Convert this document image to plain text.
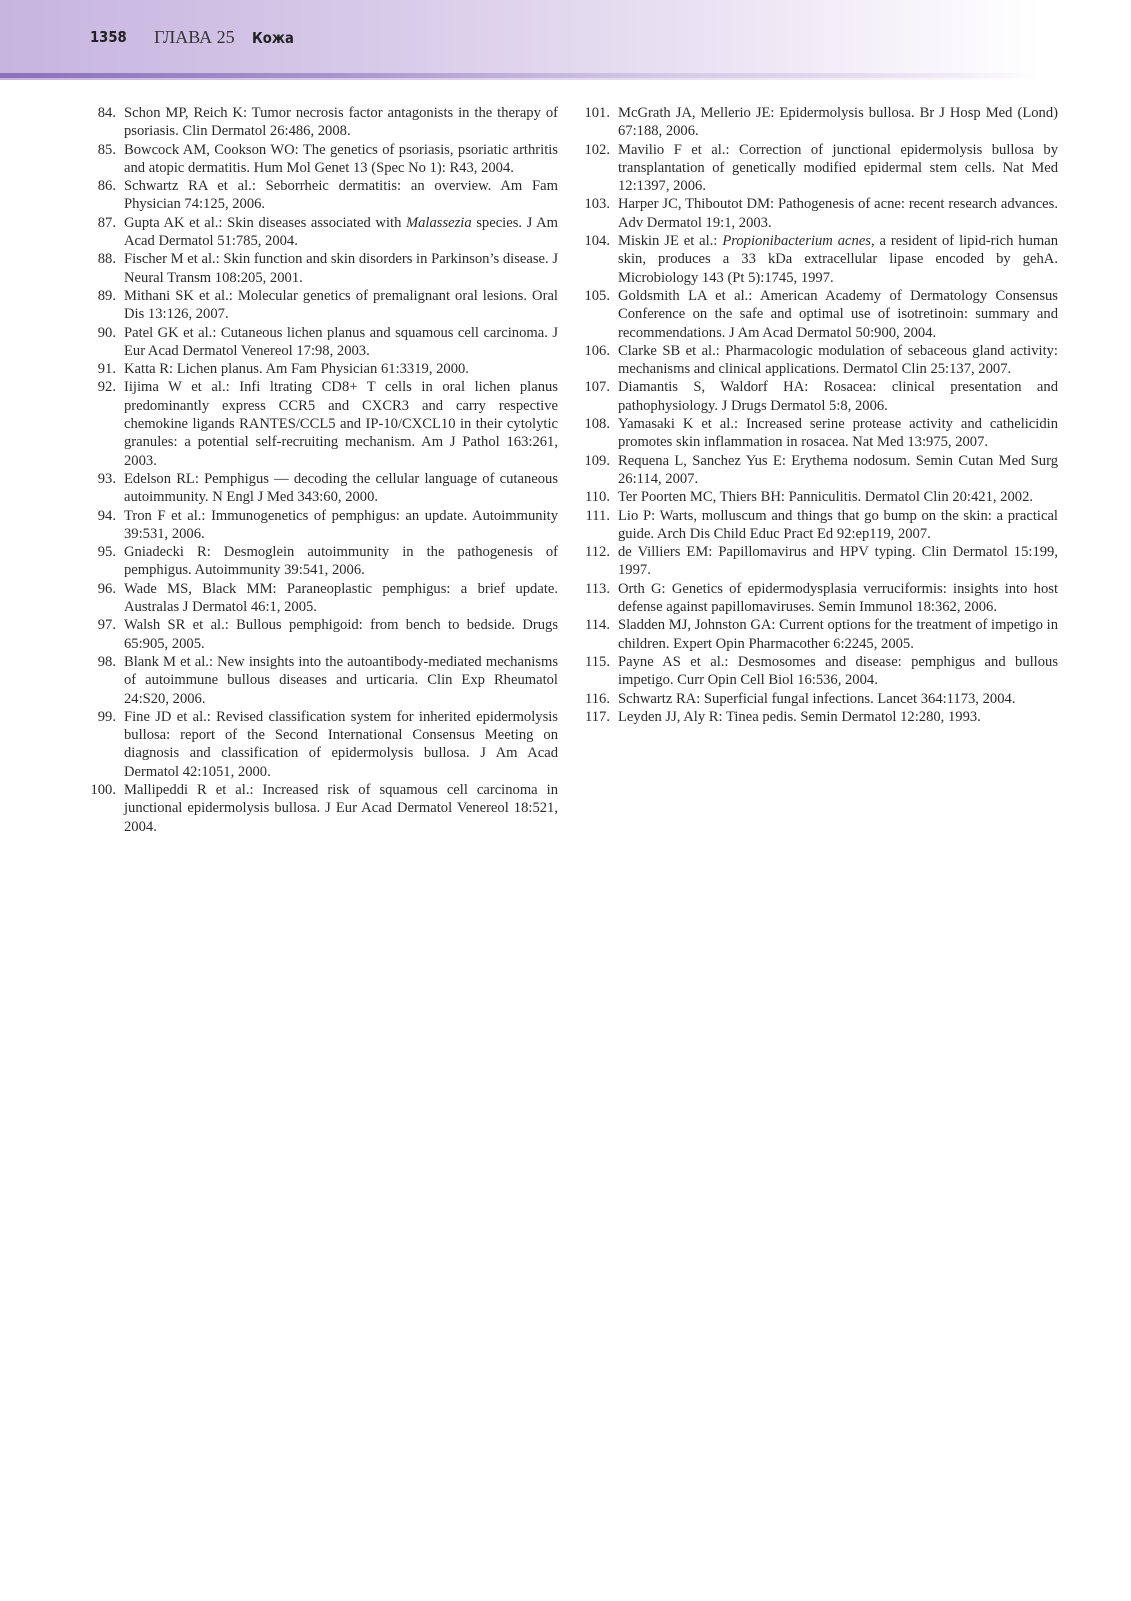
1358 ГЛАВА 25 Кожа
84. Schon MP, Reich K: Tumor necrosis factor antagonists in the therapy of psoriasis. Clin Dermatol 26:486, 2008.
85. Bowcock AM, Cookson WO: The genetics of psoriasis, psoriatic arthritis and atopic dermatitis. Hum Mol Genet 13 (Spec No 1): R43, 2004.
86. Schwartz RA et al.: Seborrheic dermatitis: an overview. Am Fam Physician 74:125, 2006.
87. Gupta AK et al.: Skin diseases associated with Malassezia species. J Am Acad Dermatol 51:785, 2004.
88. Fischer M et al.: Skin function and skin disorders in Parkinson’s disease. J Neural Transm 108:205, 2001.
89. Mithani SK et al.: Molecular genetics of premalignant oral lesions. Oral Dis 13:126, 2007.
90. Patel GK et al.: Cutaneous lichen planus and squamous cell carcinoma. J Eur Acad Dermatol Venereol 17:98, 2003.
91. Katta R: Lichen planus. Am Fam Physician 61:3319, 2000.
92. Iijima W et al.: Infi ltrating CD8+ T cells in oral lichen planus predominantly express CCR5 and CXCR3 and carry respective chemokine ligands RANTES/CCL5 and IP-10/CXCL10 in their cytolytic granules: a potential self-recruiting mechanism. Am J Pathol 163:261, 2003.
93. Edelson RL: Pemphigus — decoding the cellular language of cutaneous autoimmunity. N Engl J Med 343:60, 2000.
94. Tron F et al.: Immunogenetics of pemphigus: an update. Autoimmunity 39:531, 2006.
95. Gniadecki R: Desmoglein autoimmunity in the pathogenesis of pemphigus. Autoimmunity 39:541, 2006.
96. Wade MS, Black MM: Paraneoplastic pemphigus: a brief update. Australas J Dermatol 46:1, 2005.
97. Walsh SR et al.: Bullous pemphigoid: from bench to bedside. Drugs 65:905, 2005.
98. Blank M et al.: New insights into the autoantibody-mediated mechanisms of autoimmune bullous diseases and urticaria. Clin Exp Rheumatol 24:S20, 2006.
99. Fine JD et al.: Revised classification system for inherited epidermolysis bullosa: report of the Second International Consensus Meeting on diagnosis and classification of epidermolysis bullosa. J Am Acad Dermatol 42:1051, 2000.
100. Mallipeddi R et al.: Increased risk of squamous cell carcinoma in junctional epidermolysis bullosa. J Eur Acad Dermatol Venereol 18:521, 2004.
101. McGrath JA, Mellerio JE: Epidermolysis bullosa. Br J Hosp Med (Lond) 67:188, 2006.
102. Mavilio F et al.: Correction of junctional epidermolysis bullosa by transplantation of genetically modified epidermal stem cells. Nat Med 12:1397, 2006.
103. Harper JC, Thiboutot DM: Pathogenesis of acne: recent research advances. Adv Dermatol 19:1, 2003.
104. Miskin JE et al.: Propionibacterium acnes, a resident of lipid-rich human skin, produces a 33 kDa extracellular lipase encoded by gehA. Microbiology 143 (Pt 5):1745, 1997.
105. Goldsmith LA et al.: American Academy of Dermatology Consensus Conference on the safe and optimal use of isotretinoin: summary and recommendations. J Am Acad Dermatol 50:900, 2004.
106. Clarke SB et al.: Pharmacologic modulation of sebaceous gland activity: mechanisms and clinical applications. Dermatol Clin 25:137, 2007.
107. Diamantis S, Waldorf HA: Rosacea: clinical presentation and pathophysiology. J Drugs Dermatol 5:8, 2006.
108. Yamasaki K et al.: Increased serine protease activity and cathelicidin promotes skin inflammation in rosacea. Nat Med 13:975, 2007.
109. Requena L, Sanchez Yus E: Erythema nodosum. Semin Cutan Med Surg 26:114, 2007.
110. Ter Poorten MC, Thiers BH: Panniculitis. Dermatol Clin 20:421, 2002.
111. Lio P: Warts, molluscum and things that go bump on the skin: a practical guide. Arch Dis Child Educ Pract Ed 92:ep119, 2007.
112. de Villiers EM: Papillomavirus and HPV typing. Clin Dermatol 15:199, 1997.
113. Orth G: Genetics of epidermodysplasia verruciformis: insights into host defense against papillomaviruses. Semin Immunol 18:362, 2006.
114. Sladden MJ, Johnston GA: Current options for the treatment of impetigo in children. Expert Opin Pharmacother 6:2245, 2005.
115. Payne AS et al.: Desmosomes and disease: pemphigus and bullous impetigo. Curr Opin Cell Biol 16:536, 2004.
116. Schwartz RA: Superficial fungal infections. Lancet 364:1173, 2004.
117. Leyden JJ, Aly R: Tinea pedis. Semin Dermatol 12:280, 1993.
